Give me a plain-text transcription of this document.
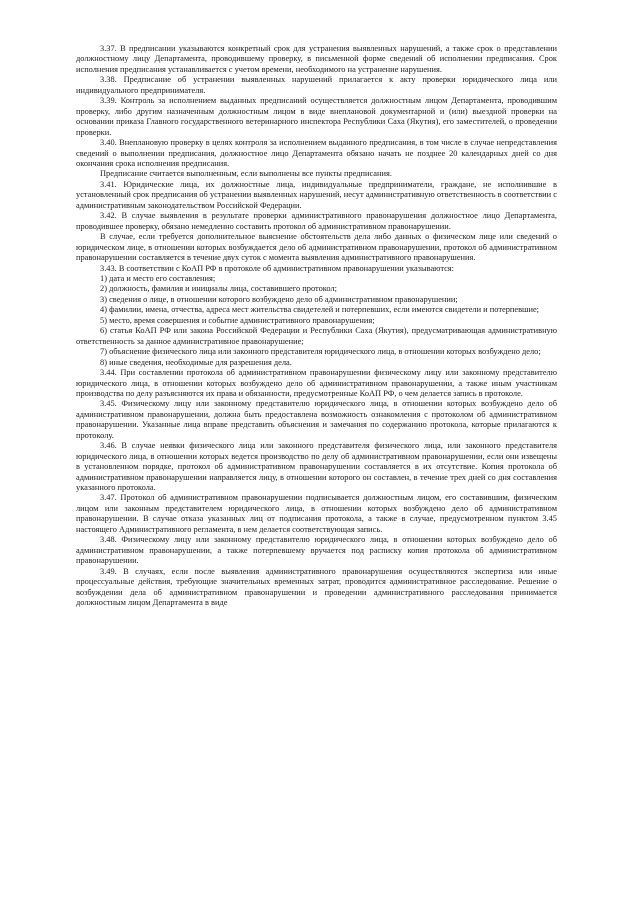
3.37. В предписании указываются конкретный срок для устранения выявленных нарушений, а также срок о представлении должностному лицу Департамента, проводившему проверку, в письменной форме сведений об исполнении предписания. Срок исполнения предписания устанавливается с учетом времени, необходимого на устранение нарушения.

3.38. Предписание об устранении выявленных нарушений прилагается к акту проверки юридического лица или индивидуального предпринимателя.

3.39. Контроль за исполнением выданных предписаний осуществляется должностным лицом Департамента, проводившим проверку, либо другим назначенным должностным лицом в виде внеплановой документарной и (или) выездной проверки на основании приказа Главного государственного ветеринарного инспектора Республики Саха (Якутия), его заместителей, о проведении проверки.

3.40. Внеплановую проверку в целях контроля за исполнением выданного предписания, в том числе в случае непредставления сведений о выполнении предписания, должностное лицо Департамента обязано начать не позднее 20 календарных дней со дня окончания срока исполнения предписания.

Предписание считается выполненным, если выполнены все пункты предписания.

3.41. Юридические лица, их должностные лица, индивидуальные предприниматели, граждане, не исполнившие в установленный срок предписания об устранении выявленных нарушений, несут административную ответственность в соответствии с административным законодательством Российской Федерации.

3.42. В случае выявления в результате проверки административного правонарушения должностное лицо Департамента, проводившее проверку, обязано немедленно составить протокол об административном правонарушении.

В случае, если требуется дополнительное выяснение обстоятельств дела либо данных о физическом лице или сведений о юридическом лице, в отношении которых возбуждается дело об административном правонарушении, протокол об административном правонарушении составляется в течение двух суток с момента выявления административного правонарушения.

3.43. В соответствии с КоАП РФ в протоколе об административном правонарушении указываются:

1) дата и место его составления;

2) должность, фамилия и инициалы лица, составившего протокол;

3) сведения о лице, в отношении которого возбуждено дело об административном правонарушении;

4) фамилии, имена, отчества, адреса мест жительства свидетелей и потерпевших, если имеются свидетели и потерпевшие;

5) место, время совершения и событие административного правонарушения;

6) статья КоАП РФ или закона Российской Федерации и Республики Саха (Якутия), предусматривающая административную ответственность за данное административное правонарушение;

7) объяснение физического лица или законного представителя юридического лица, в отношении которых возбуждено дело;

8) иные сведения, необходимые для разрешения дела.

3.44. При составлении протокола об административном правонарушении физическому лицу или законному представителю юридического лица, в отношении которых возбуждено дело об административном правонарушении, а также иным участникам производства по делу разъясняются их права и обязанности, предусмотренные КоАП РФ, о чем делается запись в протоколе.

3.45. Физическому лицу или законному представителю юридического лица, в отношении которых возбуждено дело об административном правонарушении, должна быть предоставлена возможность ознакомления с протоколом об административном правонарушении. Указанные лица вправе представить объяснения и замечания по содержанию протокола, которые прилагаются к протоколу.

3.46. В случае неявки физического лица или законного представителя физического лица, или законного представителя юридического лица, в отношении которых ведется производство по делу об административном правонарушении, если они извещены в установленном порядке, протокол об административном правонарушении составляется в их отсутствие. Копия протокола об административном правонарушении направляется лицу, в отношении которого он составлен, в течение трех дней со дня составления указанного протокола.

3.47. Протокол об административном правонарушении подписывается должностным лицом, его составившим, физическим лицом или законным представителем юридического лица, в отношении которых возбуждено дело об административном правонарушении. В случае отказа указанных лиц от подписания протокола, а также в случае, предусмотренном пунктом 3.45 настоящего Административного регламента, в нем делается соответствующая запись.

3.48. Физическому лицу или законному представителю юридического лица, в отношении которых возбуждено дело об административном правонарушении, а также потерпевшему вручается под расписку копия протокола об административном правонарушении.

3.49. В случаях, если после выявления административного правонарушения осуществляются экспертиза или иные процессуальные действия, требующие значительных временных затрат, проводится административное расследование. Решение о возбуждении дела об административном правонарушении и проведении административного расследования принимается должностным лицом Департамента в виде
